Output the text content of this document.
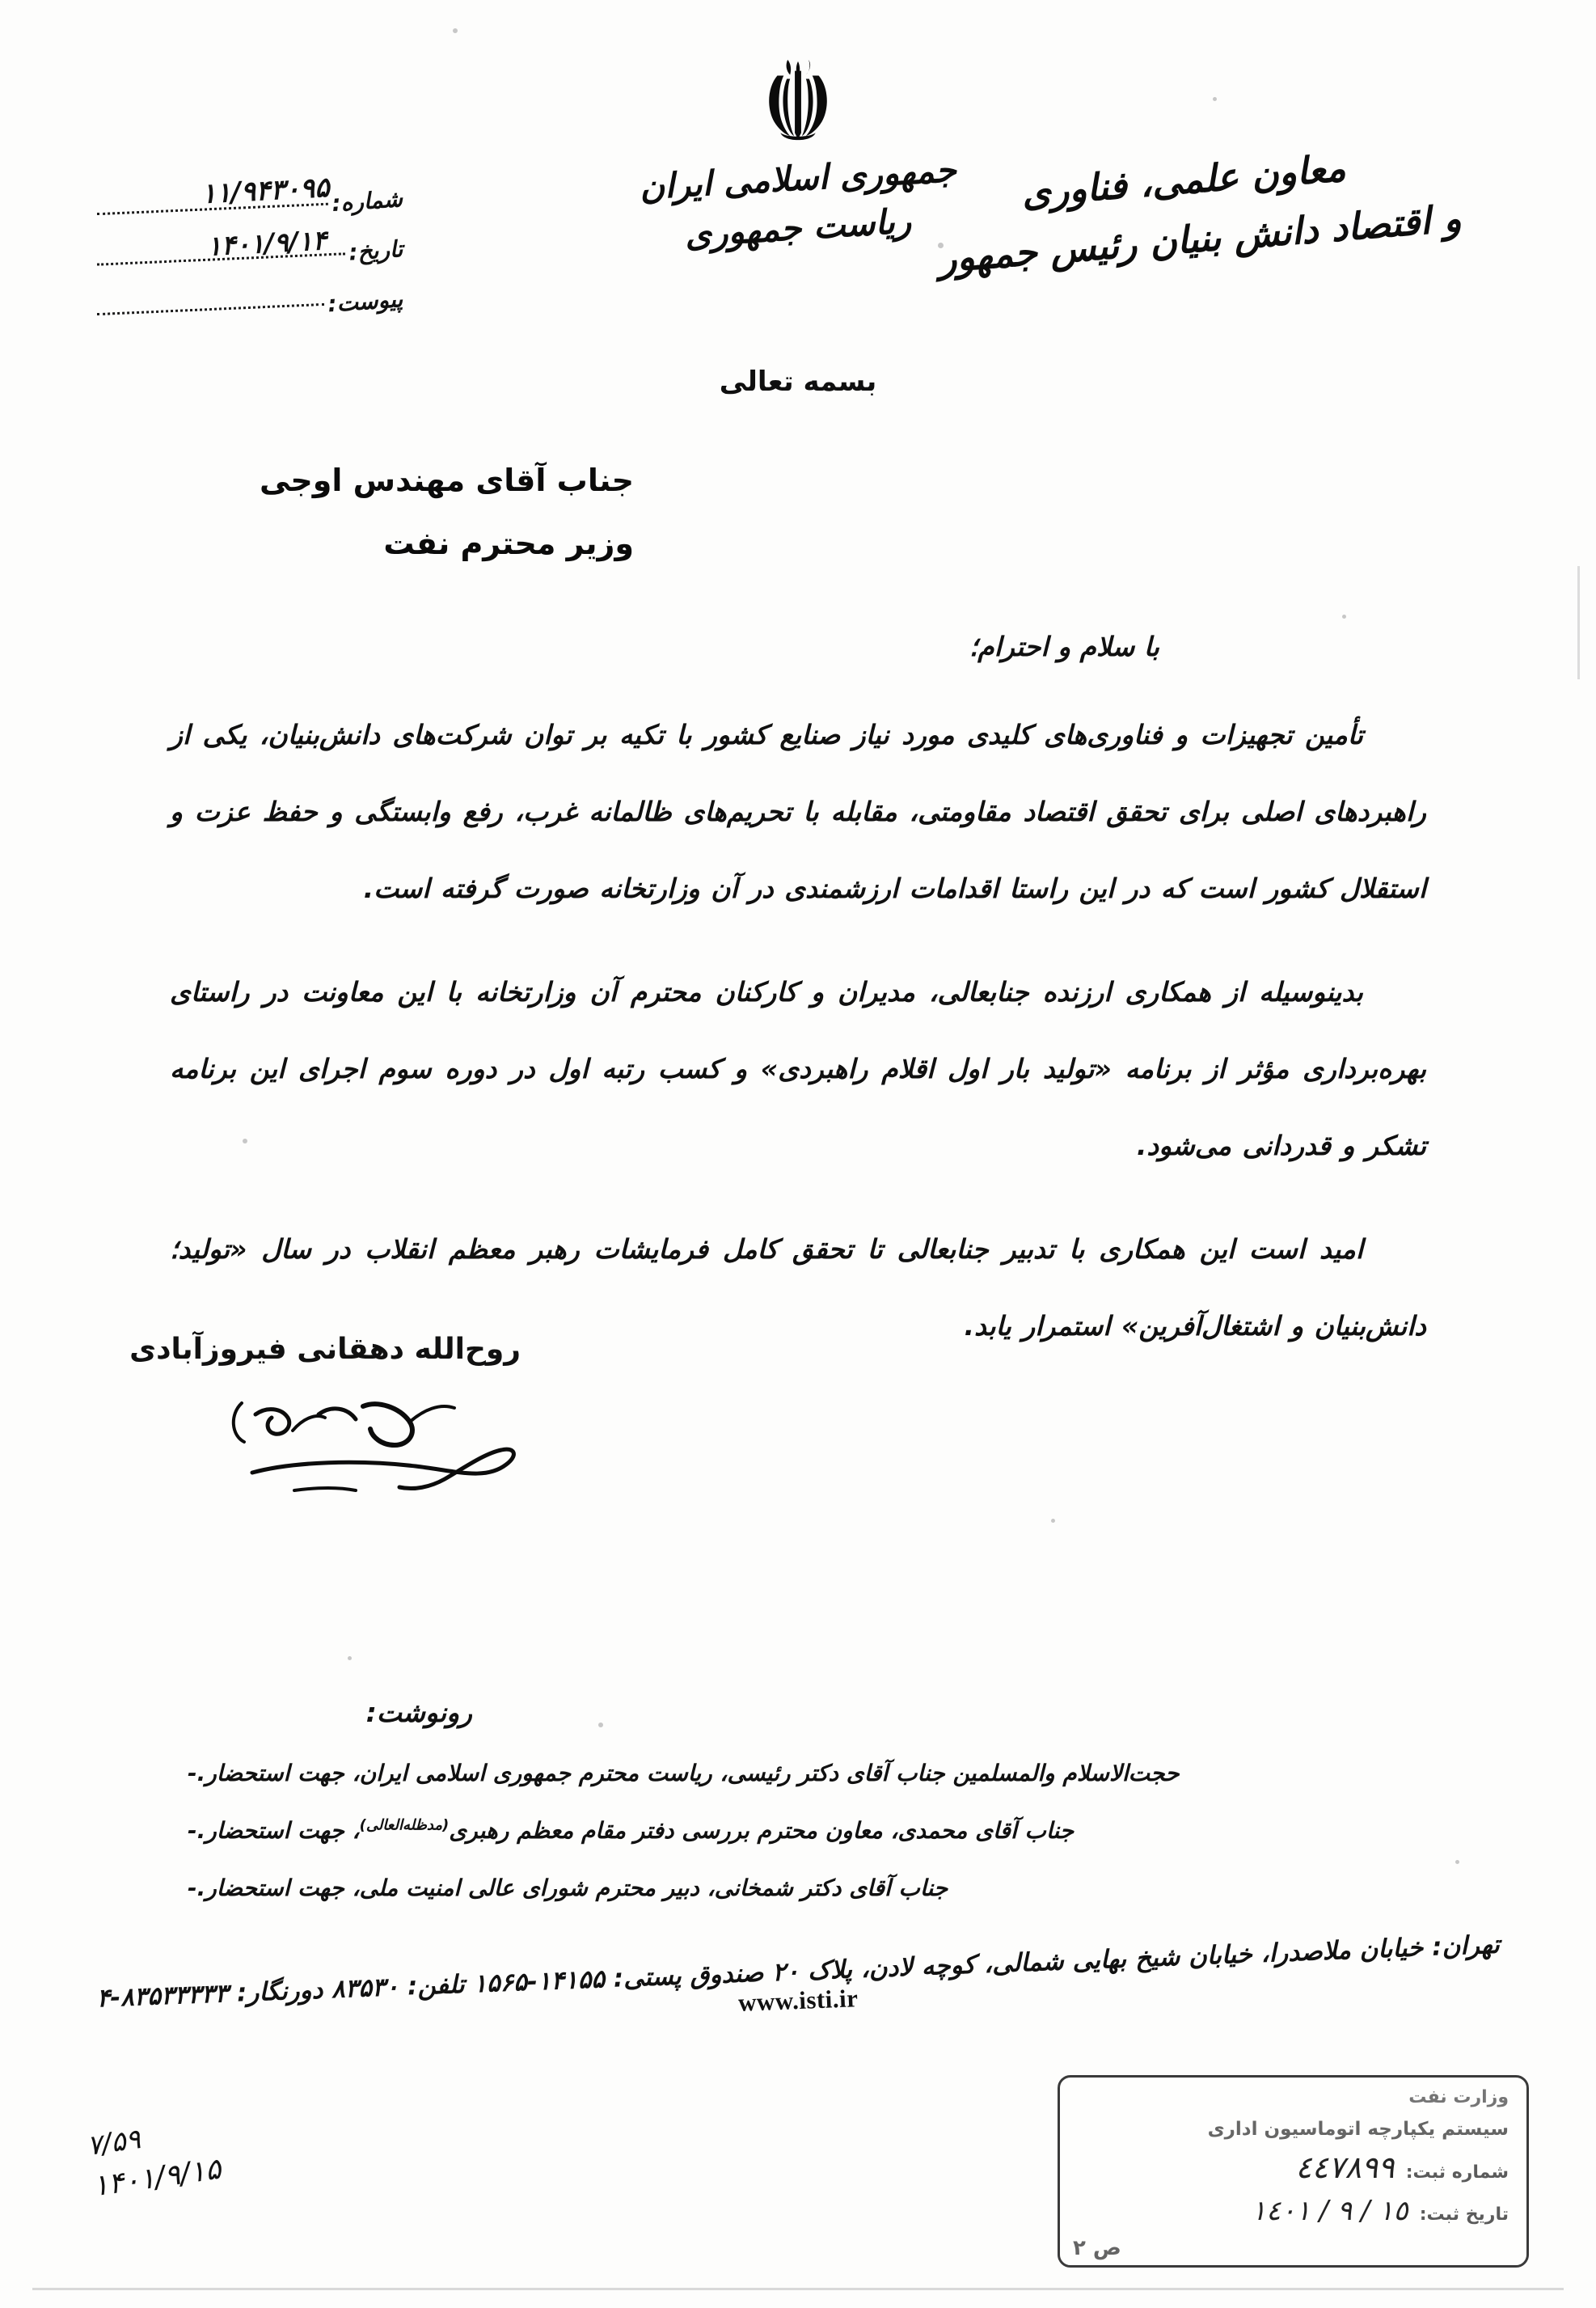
جمهوری اسلامی ایران
ریاست جمهوری
معاون علمی، فناوری
و اقتصاد دانش بنیان رئیس جمهور
شماره:
۱۱/۹۴۳۰۹۵
تاریخ:
۱۴۰۱/۹/۱۴
پیوست:
بسمه تعالی
جناب آقای مهندس اوجی
وزیر محترم نفت
با سلام و احترام؛

تأمین تجهیزات و فناوری‌های کلیدی مورد نیاز صنایع کشور با تکیه بر توان شرکت‌های دانش‌بنیان، یکی از راهبردهای اصلی برای تحقق اقتصاد مقاومتی، مقابله با تحریم‌های ظالمانه غرب، رفع وابستگی و حفظ عزت و استقلال کشور است که در این راستا اقدامات ارزشمندی در آن وزارتخانه صورت گرفته است.

بدینوسیله از همکاری ارزنده جنابعالی، مدیران و کارکنان محترم آن وزارتخانه با این معاونت در راستای بهره‌برداری مؤثر از برنامه «تولید بار اول اقلام راهبردی» و کسب رتبه اول در دوره سوم اجرای این برنامه تشکر و قدردانی می‌شود.

امید است این همکاری با تدبیر جنابعالی تا تحقق کامل فرمایشات رهبر معظم انقلاب در سال «تولید؛ دانش‌بنیان و اشتغال‌آفرین» استمرار یابد.

روح‌الله دهقانی فیروزآبادی
رونوشت:
- حجت‌الاسلام والمسلمین جناب آقای دکتر رئیسی، ریاست محترم جمهوری اسلامی ایران، جهت استحضار.
-	جناب آقای محمدی، معاون محترم بررسی دفتر مقام معظم رهبری$^{(مدظله‌العالی)}$، جهت استحضار.
- جناب آقای دکتر شمخانی، دبیر محترم شورای عالی امنیت ملی، جهت استحضار.
تهران: خیابان ملاصدرا، خیابان شیخ بهایی شمالی، کوچه لادن، پلاک ۲۰ صندوق پستی: ۱۴۱۵۵-۱۵۶۵ تلفن: ۸۳۵۳۰ دورنگار: ۸۳۵۳۳۳۳۳-۴ www.isti.ir
۷/۵۹
۱۴۰۱/۹/۱۵

وزارت نفت
سیستم یکپارچه اتوماسیون اداری
شماره ثبت:
٤٤٧٨٩٩
تاریخ ثبت:
١٥ / ٩ / ١٤٠١
ص ۲
